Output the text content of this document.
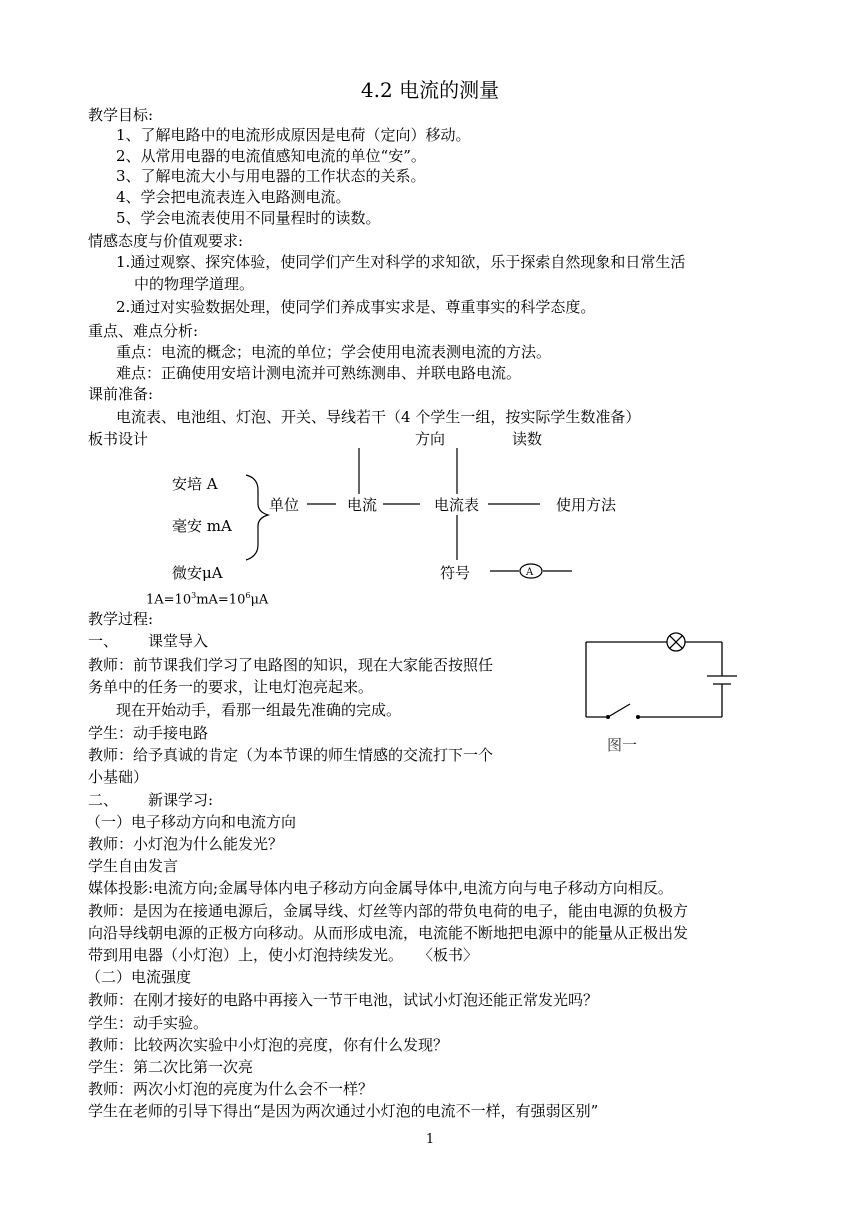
4.2 电流的测量
教学目标:
1、了解电路中的电流形成原因是电荷（定向）移动。
2、从常用电器的电流值感知电流的单位“安”。
3、了解电流大小与用电器的工作状态的关系。
4、学会把电流表连入电路测电流。
5、学会电流表使用不同量程时的读数。
情感态度与价值观要求:
1.通过观察、探究体验，使同学们产生对科学的求知欲，乐于探索自然现象和日常生活
中的物理学道理。
2.通过对实验数据处理，使同学们养成事实求是、尊重事实的科学态度。
重点、难点分析:
重点：电流的概念；电流的单位；学会使用电流表测电流的方法。
难点：正确使用安培计测电流并可熟练测串、并联电路电流。
课前准备:
电流表、电池组、灯泡、开关、导线若干（4 个学生一组，按实际学生数准备）
板书设计	方向	读数
安培 A
毫安 mA
微安μA
单位	电流	电流表	使用方法
符号
$1A=10^3mA=10^6\mu A$
A
图一
教学过程:
一、 课堂导入
教师：前节课我们学习了电路图的知识，现在大家能否按照任
务单中的任务一的要求，让电灯泡亮起来。
现在开始动手，看那一组最先准确的完成。
学生：动手接电路
教师：给予真诚的肯定（为本节课的师生情感的交流打下一个
小基础）
二、 新课学习:
（一）电子移动方向和电流方向
教师：小灯泡为什么能发光？
学生自由发言
媒体投影:电流方向;金属导体内电子移动方向金属导体中,电流方向与电子移动方向相反。
教师：是因为在接通电源后，金属导线、灯丝等内部的带负电荷的电子，能由电源的负极方
向沿导线朝电源的正极方向移动。从而形成电流，电流能不断地把电源中的能量从正极出发
带到用电器（小灯泡）上，使小灯泡持续发光。　　〈板书〉
（二）电流强度
教师：在刚才接好的电路中再接入一节干电池，试试小灯泡还能正常发光吗？
学生：动手实验。
教师：比较两次实验中小灯泡的亮度，你有什么发现？
学生：第二次比第一次亮
教师：两次小灯泡的亮度为什么会不一样？
学生在老师的引导下得出“是因为两次通过小灯泡的电流不一样，有强弱区别”
1
